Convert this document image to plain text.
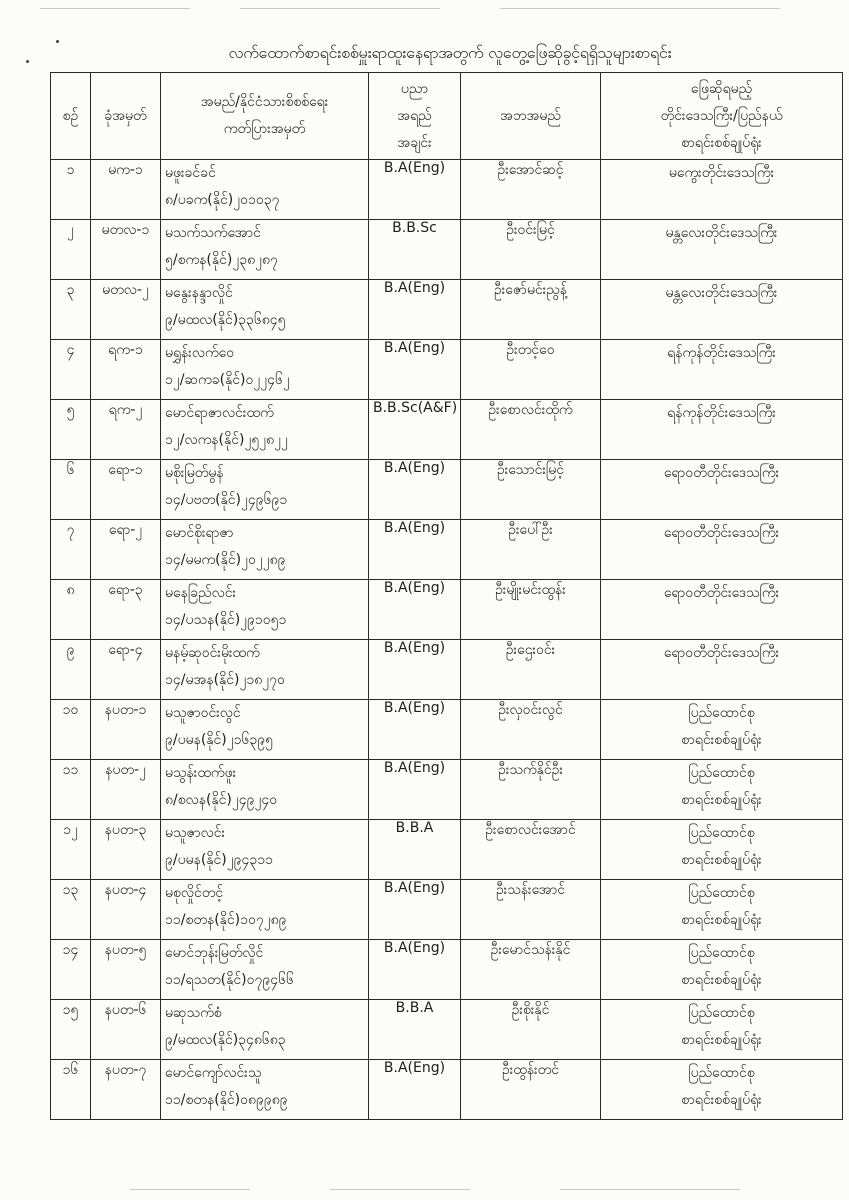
လက်ထောက်စာရင်းစစ်မှူးရာထူးနေရာအတွက် လူတွေ့ဖြေဆိုခွင့်ရရှိသူများစာရင်း
စဉ်	ခုံအမှတ်	အမည်/နိုင်ငံသားစိစစ်ရေး
ကတ်ပြားအမှတ်	ပညာ
အရည်
အချင်း	အဘအမည်	ဖြေဆိုရမည့်
တိုင်းဒေသကြီး/ပြည်နယ်
စာရင်းစစ်ချုပ်ရုံး

၁	မက-၁	မဖူးခင်ခင်
၈/ပခက(နိုင်)၂၀၁၀၃၇	B.A(Eng)	ဦးအောင်ဆင့်	မကွေးတိုင်းဒေသကြီး

၂	မတလ-၁	မသက်သက်အောင်
၅/စကန(နိုင်)၂၃၈၂၈၇	B.B.Sc	ဦးဝင်းမြင့်	မန္တလေးတိုင်းဒေသကြီး

၃	မတလ-၂	မနွေးနန္ဒာလှိုင်
၉/မထလ(နိုင်)၃၃၆၈၄၅	B.A(Eng)	ဦးဇော်မင်းညွန့်	မန္တလေးတိုင်းဒေသကြီး

၄	ရက-၁	မရွှန်းလက်ဝေ
၁၂/ဆကခ(နိုင်)၀၂၂၄၆၂	B.A(Eng)	ဦးတင့်ဝေ	ရန်ကုန်တိုင်းဒေသကြီး

၅	ရက-၂	မောင်ရာဇာလင်းထက်
၁၂/လကန(နိုင်)၂၅၂၈၂၂	B.B.Sc(A&F)	ဦးစောလင်းထိုက်	ရန်ကုန်တိုင်းဒေသကြီး

၆	ရော-၁	မစိုးမြတ်မွန်
၁၄/ပဗတ(နိုင်)၂၄၉၆၉၁	B.A(Eng)	ဦးသောင်းမြင့်	ရောဝတီတိုင်းဒေသကြီး

၇	ရော-၂	မောင်စိုးရာဇာ
၁၄/မမက(နိုင်)၂၀၂၂၈၉	B.A(Eng)	ဦးပေါ်ဦး	ရောဝတီတိုင်းဒေသကြီး

၈	ရော-၃	မနေခြည်လင်း
၁၄/ပသန(နိုင်)၂၉၁၀၅၁	B.A(Eng)	ဦးမျိုးမင်းထွန်း	ရောဝတီတိုင်းဒေသကြီး

၉	ရော-၄	မနမ့်ဆုဝင်းမိုးထက်
၁၄/မအန(နိုင်)၂၁၈၂၇၀	B.A(Eng)	ဦးဌေးဝင်း	ရောဝတီတိုင်းဒေသကြီး

၁၀	နပတ-၁	မသူဇာဝင်းလွင်
၉/ပမန(နိုင်)၂၁၆၃၉၅	B.A(Eng)	ဦးလှဝင်းလွင်	ပြည်ထောင်စု
စာရင်းစစ်ချုပ်ရုံး

၁၁	နပတ-၂	မသွန်းထက်ဖူး
၈/စလန(နိုင်)၂၄၉၂၄၀	B.A(Eng)	ဦးသက်နိုင်ဦး	ပြည်ထောင်စု
စာရင်းစစ်ချုပ်ရုံး

၁၂	နပတ-၃	မသူဇာလင်း
၉/ပမန(နိုင်)၂၉၄၃၁၁	B.B.A	ဦးစောလင်းအောင်	ပြည်ထောင်စု
စာရင်းစစ်ချုပ်ရုံး

၁၃	နပတ-၄	မစုလှိုင်တင့်
၁၁/စတန(နိုင်)၁၀၇၂၈၉	B.A(Eng)	ဦးသန်းအောင်	ပြည်ထောင်စု
စာရင်းစစ်ချုပ်ရုံး

၁၄	နပတ-၅	မောင်ဘုန်းမြတ်လှိုင်
၁၁/ရသတ(နိုင်)၀၇၉၄၆၆	B.A(Eng)	ဦးမောင်သန်းနိုင်	ပြည်ထောင်စု
စာရင်းစစ်ချုပ်ရုံး

၁၅	နပတ-၆	မဆုသက်စံ
၉/မထလ(နိုင်)၃၄၈၆၈၃	B.B.A	ဦးစိုးနိုင်	ပြည်ထောင်စု
စာရင်းစစ်ချုပ်ရုံး

၁၆	နပတ-၇	မောင်ကျော်လင်းသူ
၁၁/စတန(နိုင်)၀၈၉၉၈၉	B.A(Eng)	ဦးထွန်းတင်	ပြည်ထောင်စု
စာရင်းစစ်ချုပ်ရုံး
